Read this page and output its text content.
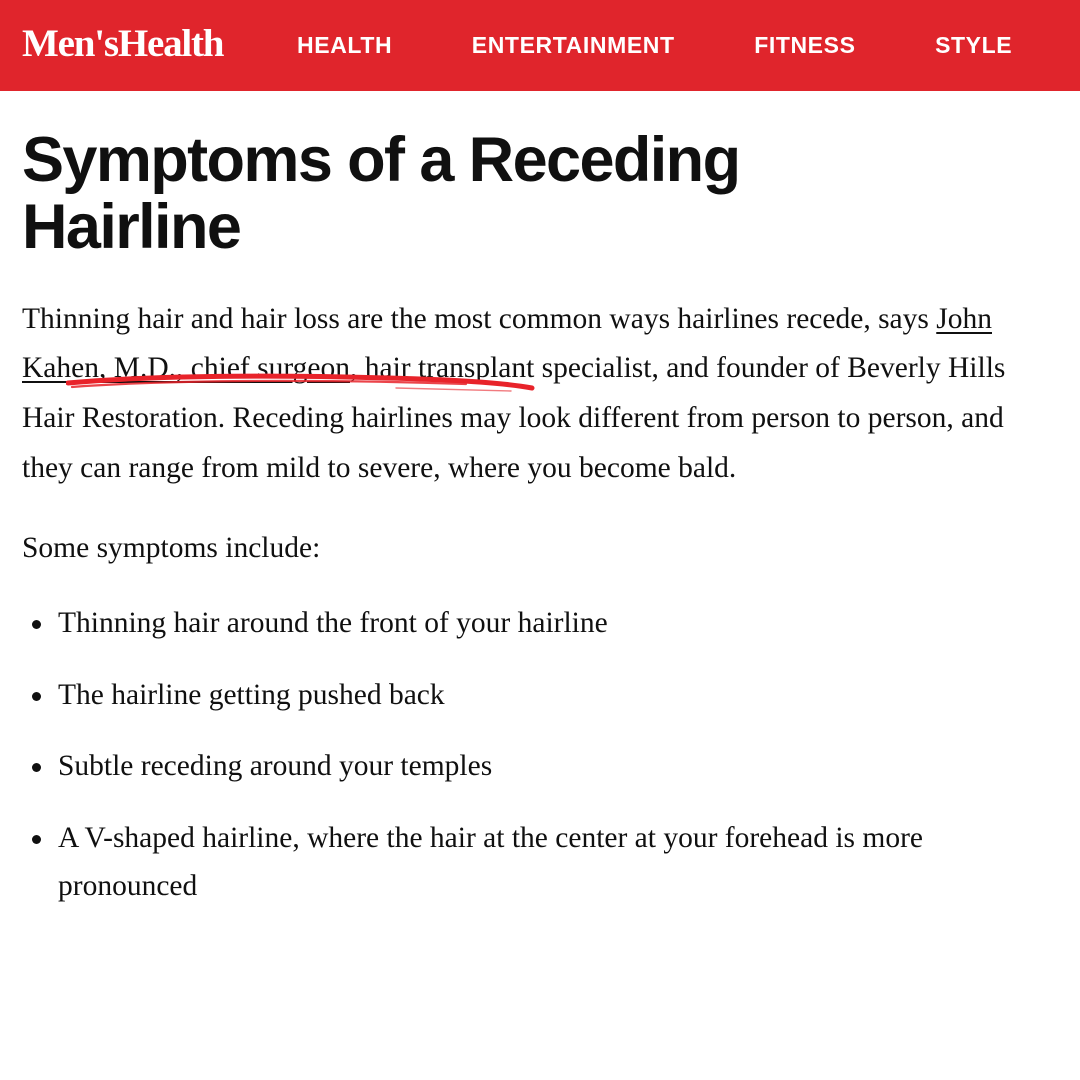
Men'sHealth	HEALTH	ENTERTAINMENT	FITNESS	STYLE
Symptoms of a Receding Hairline

Thinning hair and hair loss are the most common ways hairlines recede, says John Kahen, M.D., chief surgeon, hair transplant specialist, and founder of Beverly Hills Hair Restoration. Receding hairlines may look different from person to person, and they can range from mild to severe, where you become bald.

Some symptoms include:

Thinning hair around the front of your hairline
The hairline getting pushed back
Subtle receding around your temples
A V-shaped hairline, where the hair at the center at your forehead is more pronounced
